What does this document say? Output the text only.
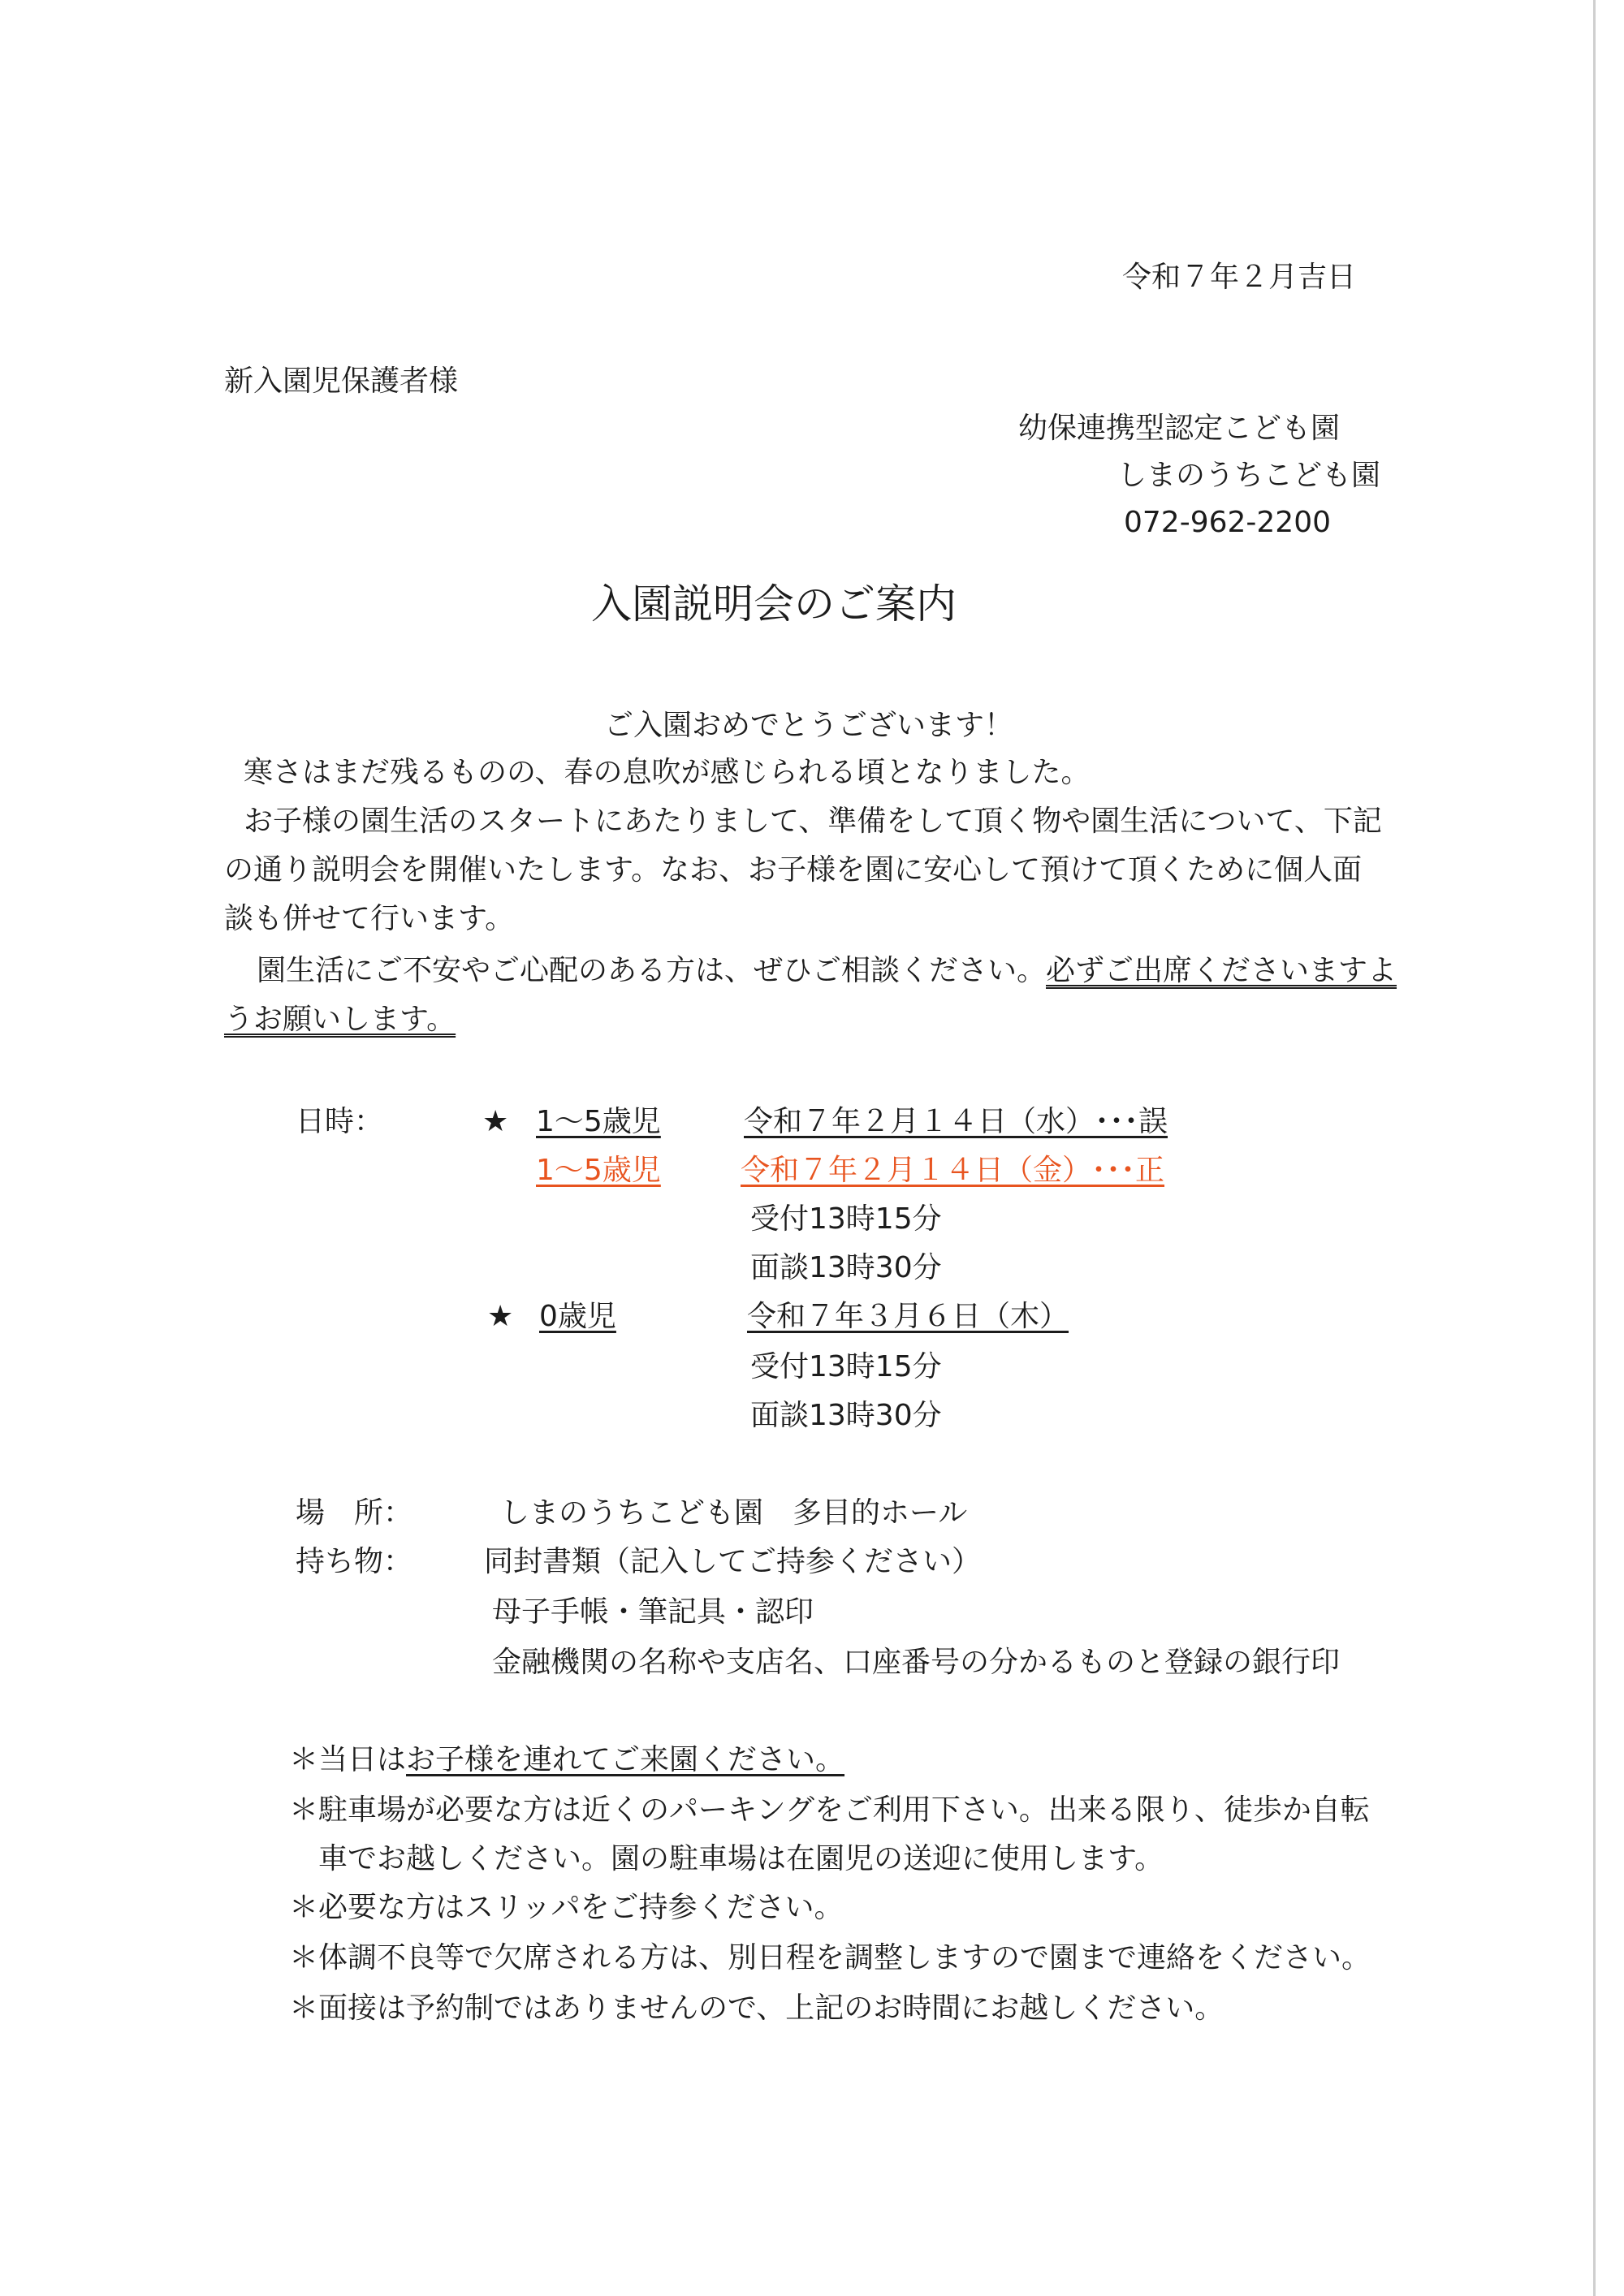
令和７年２月吉日
新入園児保護者様
幼保連携型認定こども園
しまのうちこども園
072-962-2200
入園説明会のご案内
ご入園おめでとうございます！
寒さはまだ残るものの、春の息吹が感じられる頃となりました。
お子様の園生活のスタートにあたりまして、準備をして頂く物や園生活について、下記
の通り説明会を開催いたします。なお、お子様を園に安心して預けて頂くために個人面
談も併せて行います。
園生活にご不安やご心配のある方は、ぜひご相談ください。必ずご出席くださいますよ
うお願いします。
日時：	★ 1～5歳児	令和７年２月１４日（水）･･･誤
1～5歳児	令和７年２月１４日（金）･･･正
受付13時15分
面談13時30分
★ 0歳児	令和７年３月６日（木）
受付13時15分
面談13時30分
場　所：	しまのうちこども園　多目的ホール
持ち物： 同封書類（記入してご持参ください）
母子手帳・筆記具・認印
金融機関の名称や支店名、口座番号の分かるものと登録の銀行印
＊当日はお子様を連れてご来園ください。
＊駐車場が必要な方は近くのパーキングをご利用下さい。出来る限り、徒歩か自転
車でお越しください。園の駐車場は在園児の送迎に使用します。
＊必要な方はスリッパをご持参ください。
＊体調不良等で欠席される方は、別日程を調整しますので園まで連絡をください。
＊面接は予約制ではありませんので、上記のお時間にお越しください。
